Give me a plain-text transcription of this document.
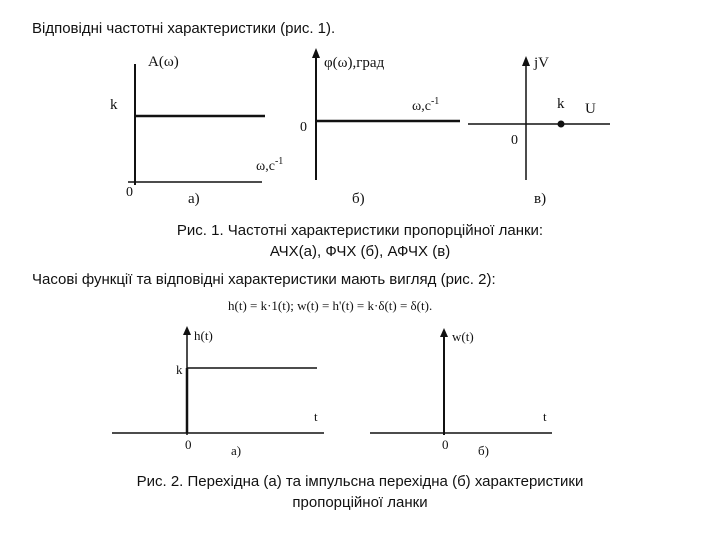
Відповідні частотні характеристики (рис. 1).

A(ω)
k
$\omega,c^{-1}$
0	а)
φ(ω),град
$\omega,c^{-1}$
0
б)
jV
k U
0
в)
Рис. 1. Частотні характеристики пропорційної ланки:
АЧХ(а), ФЧХ (б), АФЧХ (в)

Часові функції та відповідні характеристики мають вигляд (рис. 2):

h(t) = k·1(t); w(t) = h'(t) = k·δ(t) = δ(t).

h(t)
k
t
0	а)
w(t)
t
0 б)
Рис. 2. Перехідна (а) та імпульсна перехідна (б) характеристики
пропорційної ланки
